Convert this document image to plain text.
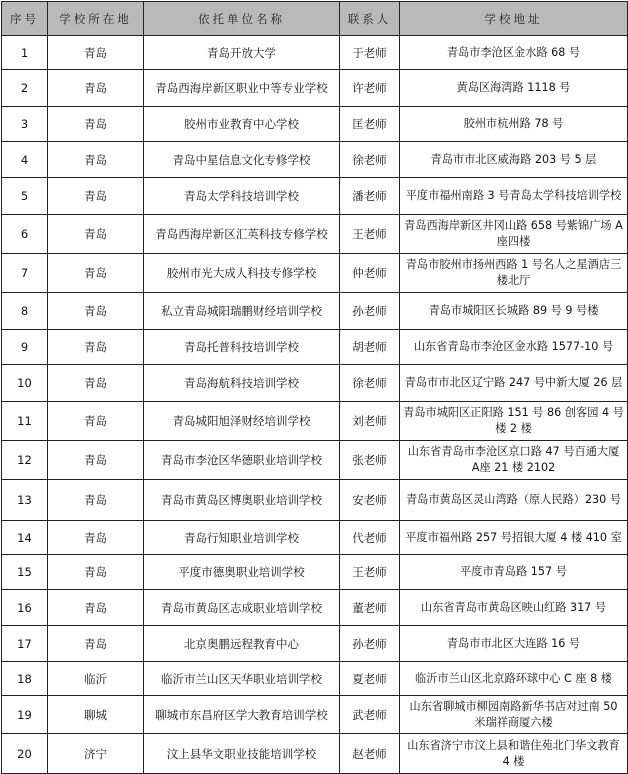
序号	学校所在地	依托单位名称	联系人	学校地址
1	青岛	青岛开放大学	于老师	青岛市李沧区金水路 68 号
2	青岛	青岛西海岸新区职业中等专业学校	许老师	黄岛区海湾路 1118 号
3	青岛	胶州市业教育中心学校	匡老师	胶州市杭州路 78 号
4	青岛	青岛中星信息文化专修学校	徐老师	青岛市市北区威海路 203 号 5 层
5	青岛	青岛太学科技培训学校	潘老师	平度市福州南路 3 号青岛太学科技培训学校
6	青岛	青岛西海岸新区汇英科技专修学校	王老师	青岛西海岸新区井冈山路 658 号紫锦广场 A座四楼
7	青岛	胶州市光大成人科技专修学校	仲老师	青岛市胶州市扬州西路 1 号名人之星酒店三楼北厅
8	青岛	私立青岛城阳瑞鹏财经培训学校	孙老师	青岛市城阳区长城路 89 号 9 号楼
9	青岛	青岛托普科技培训学校	胡老师	山东省青岛市李沧区金水路 1577-10 号
10	青岛	青岛海航科技培训学校	徐老师	青岛市市北区辽宁路 247 号中新大厦 26 层
11	青岛	青岛城阳旭泽财经培训学校	刘老师	青岛市城阳区正阳路 151 号 86 创客园 4 号楼 2 楼
12	青岛	青岛市李沧区华德职业培训学校	张老师	山东省青岛市李沧区京口路 47 号百通大厦 A座 21 楼 2102
13	青岛	青岛市黄岛区博奥职业培训学校	安老师	青岛市黄岛区灵山湾路（原人民路）230 号
14	青岛	青岛行知职业培训学校	代老师	平度市福州路 257 号招银大厦 4 楼 410 室
15	青岛	平度市德奥职业培训学校	王老师	平度市青岛路 157 号
16	青岛	青岛市黄岛区志成职业培训学校	董老师	山东省青岛市黄岛区映山红路 317 号
17	青岛	北京奥鹏远程教育中心	孙老师	青岛市市北区大连路 16 号
18	临沂	临沂市兰山区天华职业培训学校	夏老师	临沂市兰山区北京路环球中心 C 座 8 楼
19	聊城	聊城市东昌府区学大教育培训学校	武老师	山东省聊城市柳园南路新华书店对过南 50 米瑞祥商厦六楼
20	济宁	汶上县华文职业技能培训学校	赵老师	山东省济宁市汶上县和谐住苑北门华文教育 4 楼
